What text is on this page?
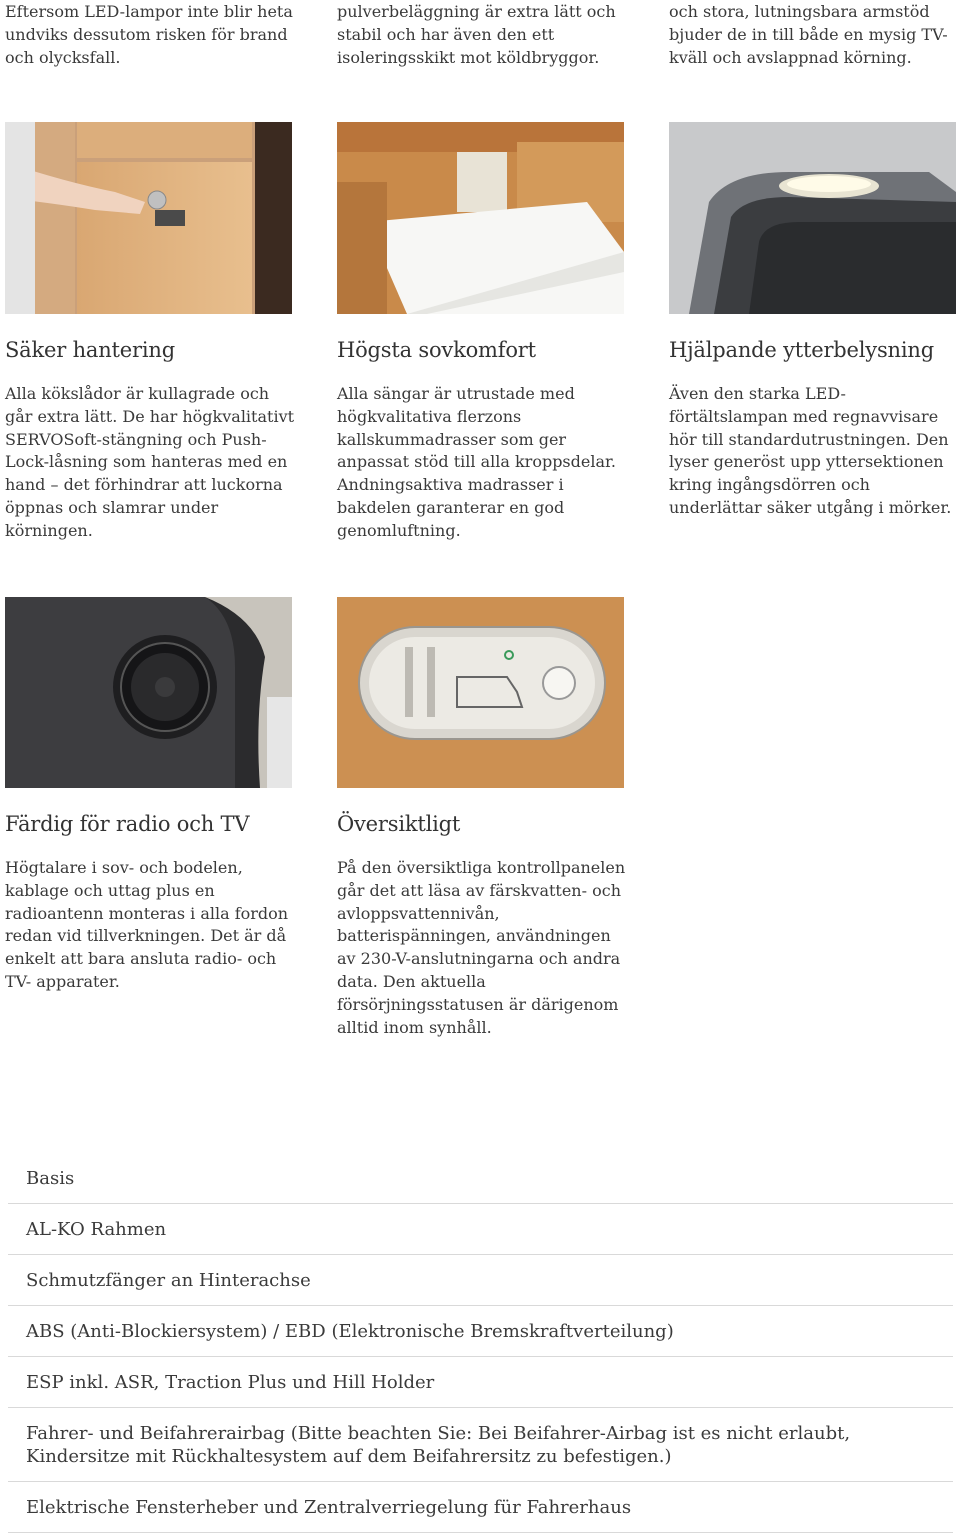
Eftersom LED-lampor inte blir heta undviks dessutom risken för brand och olycksfall.
pulverbeläggning är extra lätt och stabil och har även den ett isoleringsskikt mot köldbryggor.
och stora, lutningsbara armstöd bjuder de in till både en mysig TV-kväll och avslappnad körning.
Säker hantering

Alla kökslådor är kullagrade och går extra lätt. De har högkvalitativt SERVOSoft-stängning och Push-Lock-låsning som hanteras med en hand – det förhindrar att luckorna öppnas och slamrar under körningen.

Högsta sovkomfort

Alla sängar är utrustade med högkvalitativa flerzons kallskummadrasser som ger anpassat stöd till alla kroppsdelar. Andningsaktiva madrasser i bakdelen garanterar en god genomluftning.

Hjälpande ytterbelysning

Även den starka LED-förtältslampan med regnavvisare hör till standardutrustningen. Den lyser generöst upp yttersektionen kring ingångsdörren och underlättar säker utgång i mörker.

Färdig för radio och TV

Högtalare i sov- och bodelen, kablage och uttag plus en radioantenn monteras i alla fordon redan vid tillverkningen. Det är då enkelt att bara ansluta radio- och TV- apparater.

Översiktligt

På den översiktliga kontrollpanelen går det att läsa av färskvatten- och avloppsvattennivån, batterispänningen, användningen av 230-V-anslutningarna och andra data. Den aktuella försörjningsstatusen är därigenom alltid inom synhåll.

Basis
AL-KO Rahmen
Schmutzfänger an Hinterachse
ABS (Anti-Blockiersystem) / EBD (Elektronische Bremskraftverteilung)
ESP inkl. ASR, Traction Plus und Hill Holder
Fahrer- und Beifahrerairbag (Bitte beachten Sie: Bei Beifahrer-Airbag ist es nicht erlaubt, Kindersitze mit Rückhaltesystem auf dem Beifahrersitz zu befestigen.)
Elektrische Fensterheber und Zentralverriegelung für Fahrerhaus
